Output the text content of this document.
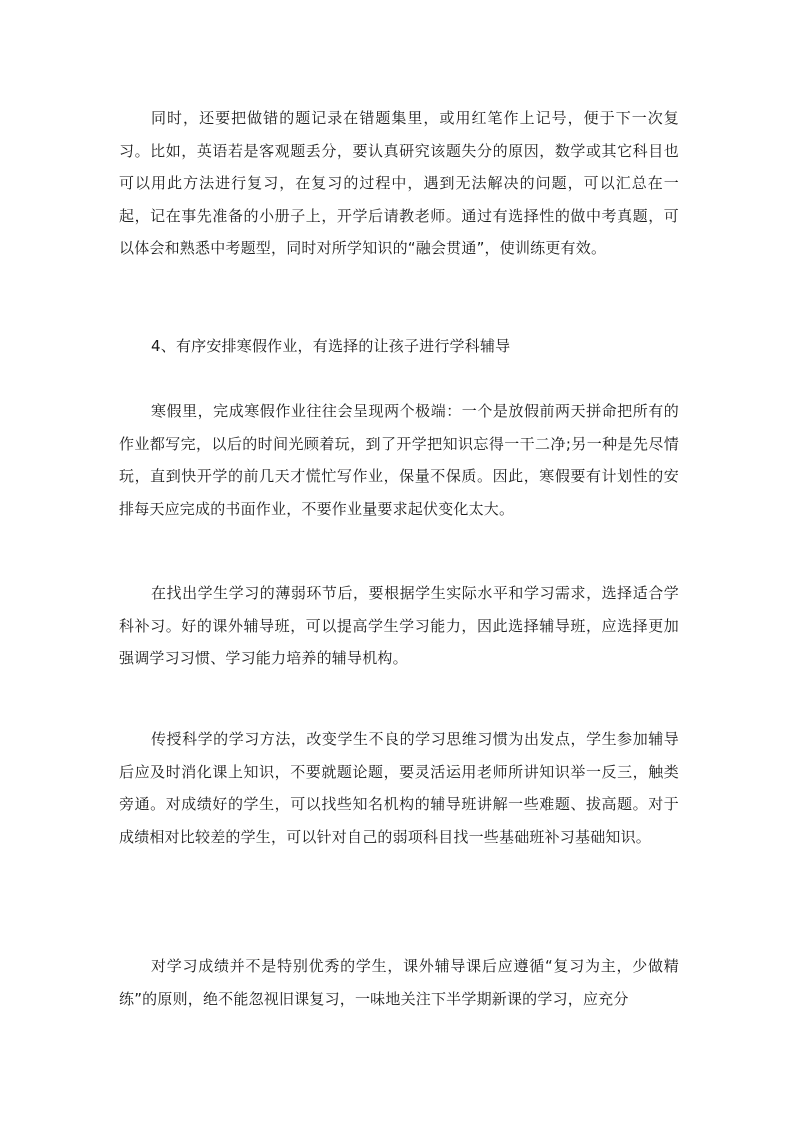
同时，还要把做错的题记录在错题集里，或用红笔作上记号，便于下一次复习。比如，英语若是客观题丢分，要认真研究该题失分的原因，数学或其它科目也可以用此方法进行复习，在复习的过程中，遇到无法解决的问题，可以汇总在一起，记在事先准备的小册子上，开学后请教老师。通过有选择性的做中考真题，可以体会和熟悉中考题型，同时对所学知识的“融会贯通”，使训练更有效。

4、有序安排寒假作业，有选择的让孩子进行学科辅导

寒假里，完成寒假作业往往会呈现两个极端：一个是放假前两天拼命把所有的作业都写完，以后的时间光顾着玩，到了开学把知识忘得一干二净;另一种是先尽情玩，直到快开学的前几天才慌忙写作业，保量不保质。因此，寒假要有计划性的安排每天应完成的书面作业，不要作业量要求起伏变化太大。

在找出学生学习的薄弱环节后，要根据学生实际水平和学习需求，选择适合学科补习。好的课外辅导班，可以提高学生学习能力，因此选择辅导班，应选择更加强调学习习惯、学习能力培养的辅导机构。

传授科学的学习方法，改变学生不良的学习思维习惯为出发点，学生参加辅导后应及时消化课上知识，不要就题论题，要灵活运用老师所讲知识举一反三，触类旁通。对成绩好的学生，可以找些知名机构的辅导班讲解一些难题、拔高题。对于成绩相对比较差的学生，可以针对自己的弱项科目找一些基础班补习基础知识。

对学习成绩并不是特别优秀的学生，课外辅导课后应遵循“复习为主，少做精练”的原则，绝不能忽视旧课复习，一味地关注下半学期新课的学习，应充分
